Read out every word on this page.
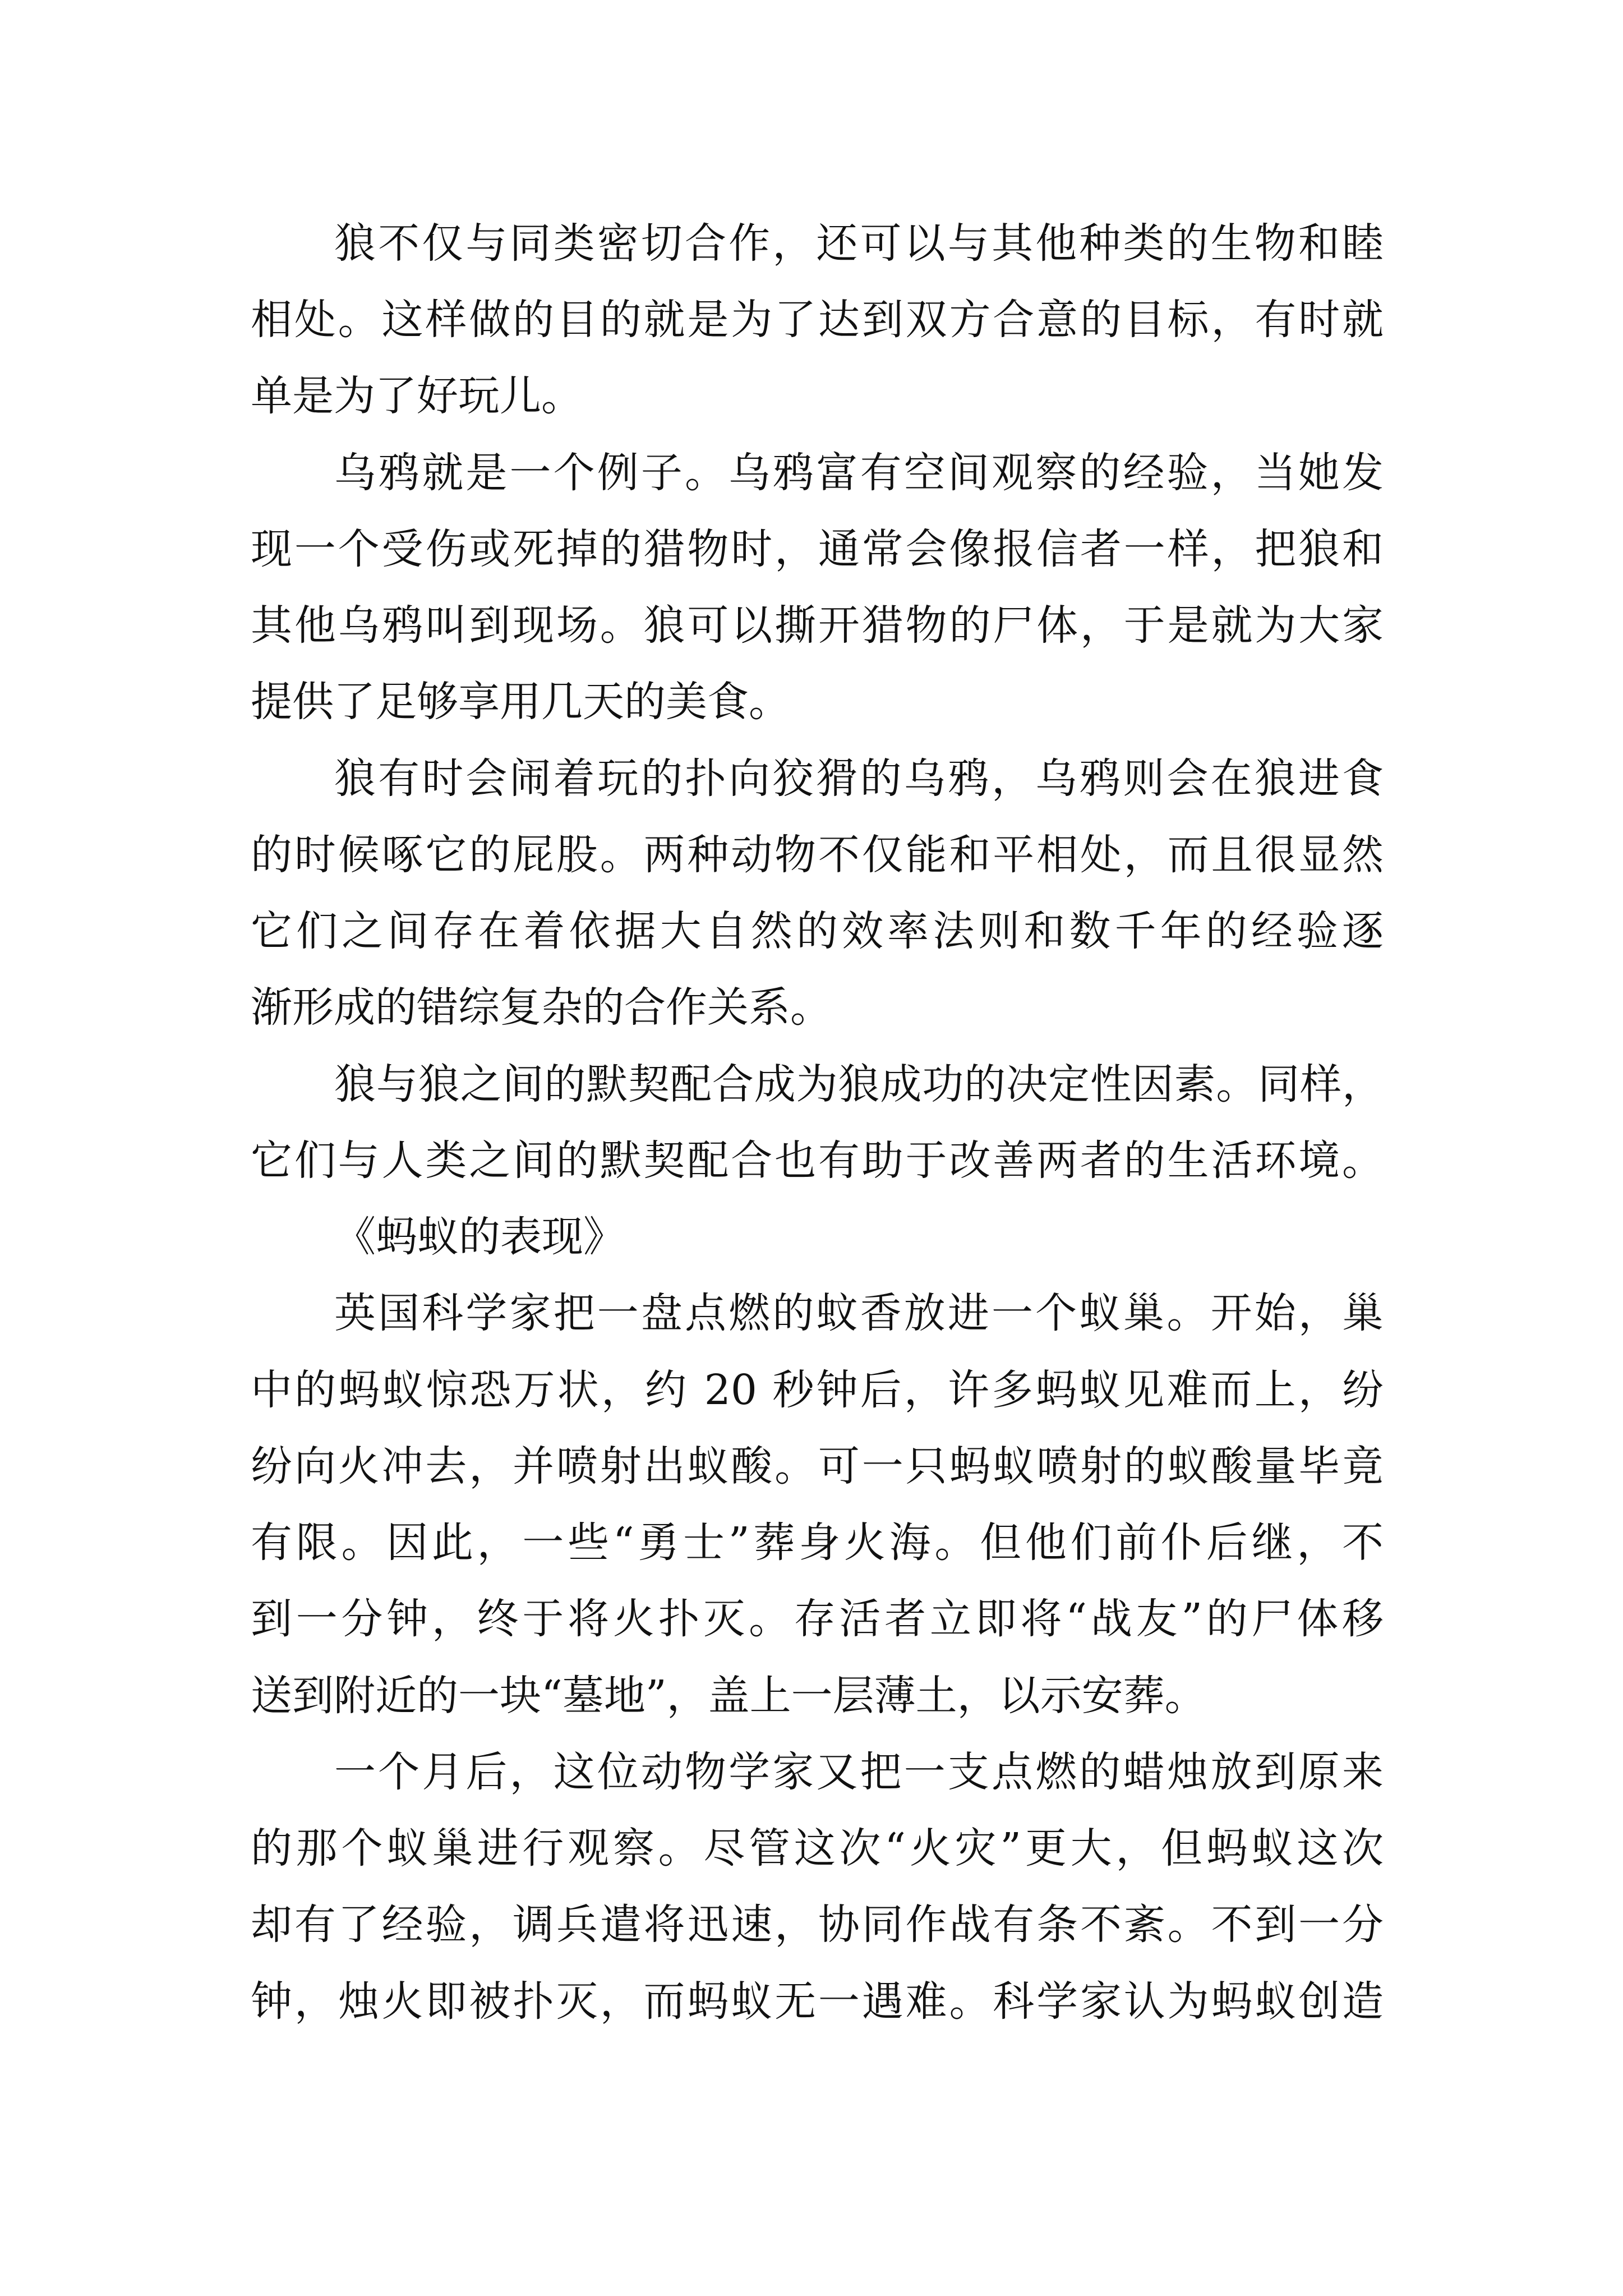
狼不仅与同类密切合作，还可以与其他种类的生物和睦
相处。这样做的目的就是为了达到双方合意的目标，有时就
单是为了好玩儿。
乌鸦就是一个例子。乌鸦富有空间观察的经验，当她发
现一个受伤或死掉的猎物时，通常会像报信者一样，把狼和
其他乌鸦叫到现场。狼可以撕开猎物的尸体，于是就为大家
提供了足够享用几天的美食。
狼有时会闹着玩的扑向狡猾的乌鸦，乌鸦则会在狼进食
的时候啄它的屁股。两种动物不仅能和平相处，而且很显然
它们之间存在着依据大自然的效率法则和数千年的经验逐
渐形成的错综复杂的合作关系。
狼与狼之间的默契配合成为狼成功的决定性因素。同样，
它们与人类之间的默契配合也有助于改善两者的生活环境。
《蚂蚁的表现》
英国科学家把一盘点燃的蚊香放进一个蚁巢。开始，巢
中的蚂蚁惊恐万状，约 20 秒钟后，许多蚂蚁见难而上，纷
纷向火冲去，并喷射出蚁酸。可一只蚂蚁喷射的蚁酸量毕竟
有限。因此，一些“勇士”葬身火海。但他们前仆后继，不
到一分钟，终于将火扑灭。存活者立即将“战友”的尸体移
送到附近的一块“墓地”，盖上一层薄土，以示安葬。
一个月后，这位动物学家又把一支点燃的蜡烛放到原来
的那个蚁巢进行观察。尽管这次“火灾”更大，但蚂蚁这次
却有了经验，调兵遣将迅速，协同作战有条不紊。不到一分
钟，烛火即被扑灭，而蚂蚁无一遇难。科学家认为蚂蚁创造
